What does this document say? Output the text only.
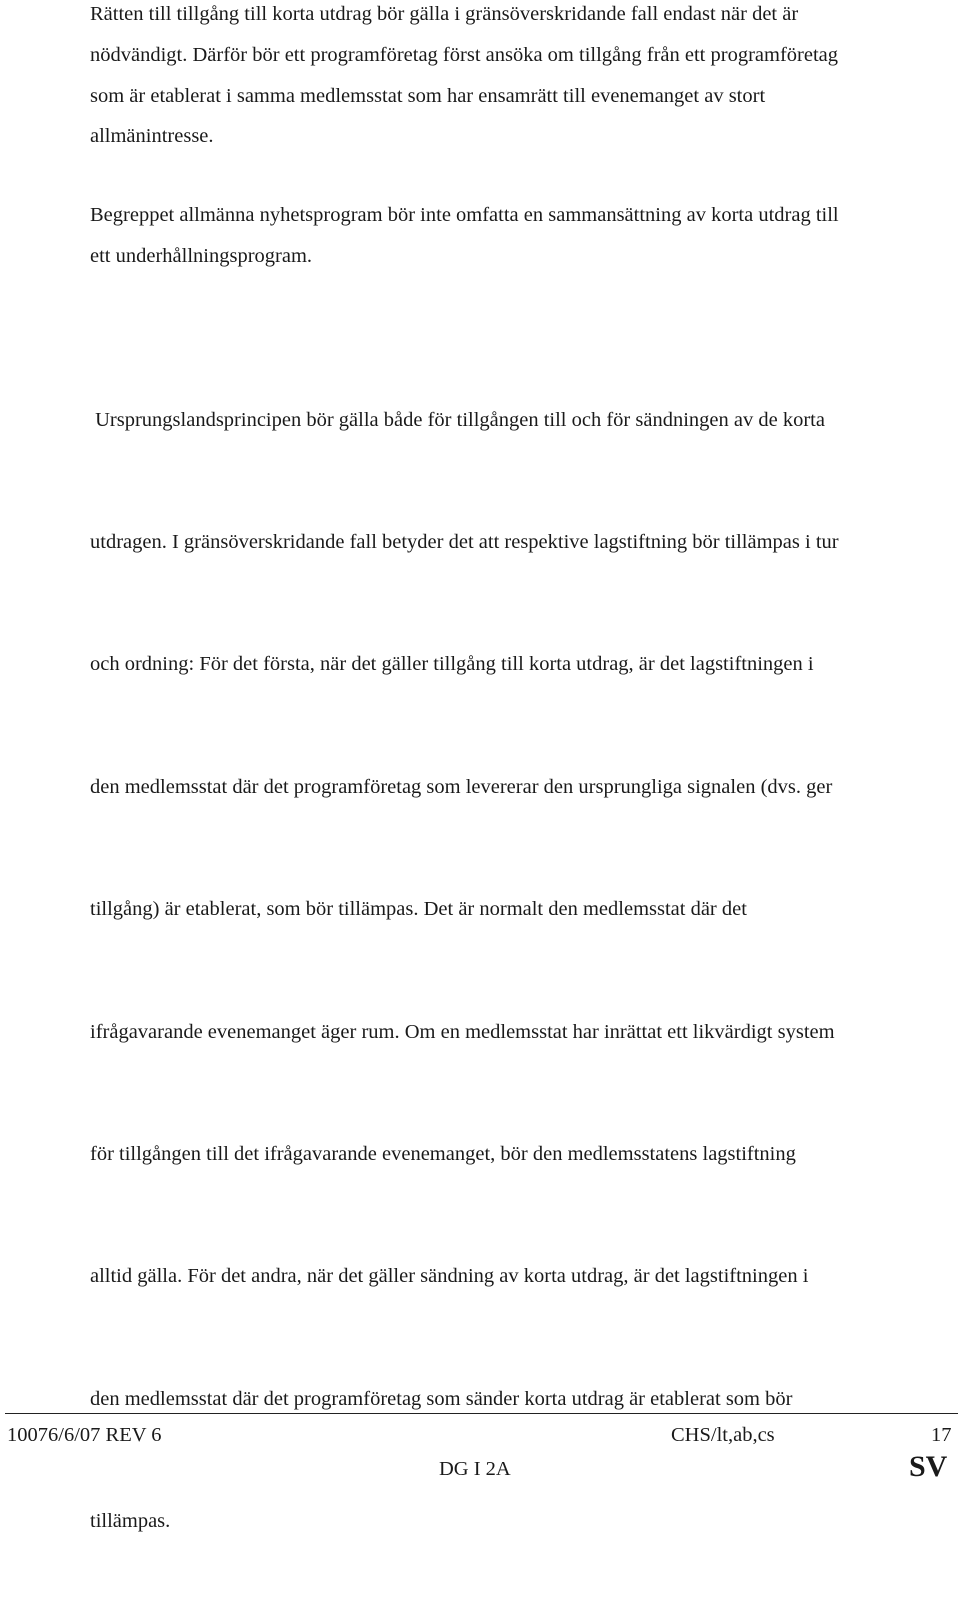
Rätten till tillgång till korta utdrag bör gälla i gränsöverskridande fall endast när det är
nödvändigt. Därför bör ett programföretag först ansöka om tillgång från ett programföretag
som är etablerat i samma medlemsstat som har ensamrätt till evenemanget av stort
allmänintresse.

Begreppet allmänna nyhetsprogram bör inte omfatta en sammansättning av korta utdrag till
ett underhållningsprogram.

Ursprungslandsprincipen bör gälla både för tillgången till och för sändningen av de korta

utdragen. I gränsöverskridande fall betyder det att respektive lagstiftning bör tillämpas i tur

och ordning: För det första, när det gäller tillgång till korta utdrag, är det lagstiftningen i

den medlemsstat där det programföretag som levererar den ursprungliga signalen (dvs. ger

tillgång) är etablerat, som bör tillämpas. Det är normalt den medlemsstat där det

ifrågavarande evenemanget äger rum. Om en medlemsstat har inrättat ett likvärdigt system

för tillgången till det ifrågavarande evenemanget, bör den medlemsstatens lagstiftning

alltid gälla. För det andra, när det gäller sändning av korta utdrag, är det lagstiftningen i

den medlemsstat där det programföretag som sänder korta utdrag är etablerat som bör

tillämpas.

10076/6/07 REV 6	CHS/lt,ab,cs	17
DG I 2A	SV
